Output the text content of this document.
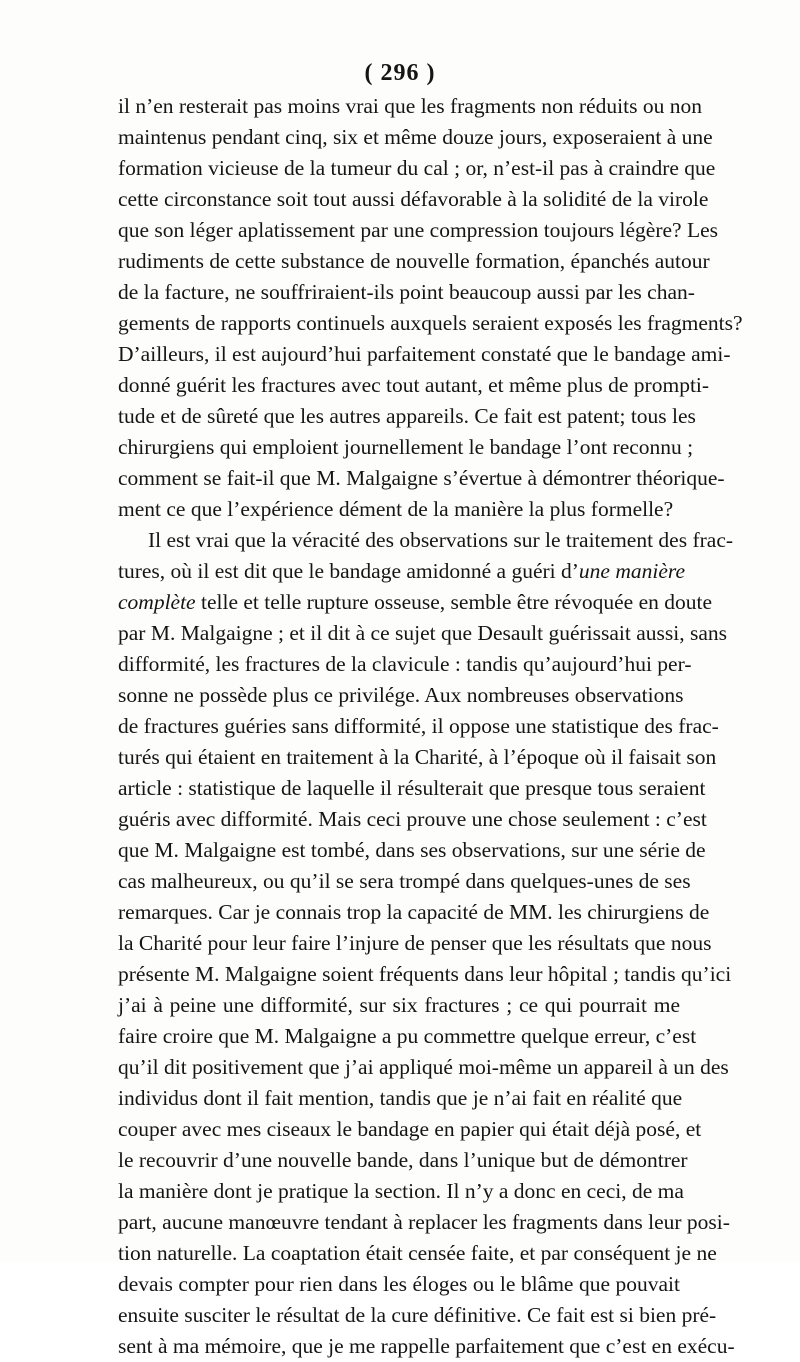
( 296 )
il n’en resterait pas moins vrai que les fragments non réduits ou non
maintenus pendant cinq, six et même douze jours, exposeraient à une
formation vicieuse de la tumeur du cal ; or, n’est-il pas à craindre que
cette circonstance soit tout aussi défavorable à la solidité de la virole
que son léger aplatissement par une compression toujours légère? Les
rudiments de cette substance de nouvelle formation, épanchés autour
de la facture, ne souffriraient-ils point beaucoup aussi par les chan-
gements de rapports continuels auxquels seraient exposés les fragments?
D’ailleurs, il est aujourd’hui parfaitement constaté que le bandage ami-
donné guérit les fractures avec tout autant, et même plus de prompti-
tude et de sûreté que les autres appareils. Ce fait est patent; tous les
chirurgiens qui emploient journellement le bandage l’ont reconnu ;
comment se fait-il que M. Malgaigne s’évertue à démontrer théorique-
ment ce que l’expérience dément de la manière la plus formelle?
Il est vrai que la véracité des observations sur le traitement des frac-
tures, où il est dit que le bandage amidonné a guéri d’une manière
complète telle et telle rupture osseuse, semble être révoquée en doute
par M. Malgaigne ; et il dit à ce sujet que Desault guérissait aussi, sans
difformité, les fractures de la clavicule : tandis qu’aujourd’hui per-
sonne ne possède plus ce privilége. Aux nombreuses observations
de fractures guéries sans difformité, il oppose une statistique des frac-
turés qui étaient en traitement à la Charité, à l’époque où il faisait son
article : statistique de laquelle il résulterait que presque tous seraient
guéris avec difformité. Mais ceci prouve une chose seulement : c’est
que M. Malgaigne est tombé, dans ses observations, sur une série de
cas malheureux, ou qu’il se sera trompé dans quelques-unes de ses
remarques. Car je connais trop la capacité de MM. les chirurgiens de
la Charité pour leur faire l’injure de penser que les résultats que nous
présente M. Malgaigne soient fréquents dans leur hôpital ; tandis qu’ici
j’ai à peine une difformité, sur six fractures ; ce qui pourrait me
faire croire que M. Malgaigne a pu commettre quelque erreur, c’est
qu’il dit positivement que j’ai appliqué moi-même un appareil à un des
individus dont il fait mention, tandis que je n’ai fait en réalité que
couper avec mes ciseaux le bandage en papier qui était déjà posé, et
le recouvrir d’une nouvelle bande, dans l’unique but de démontrer
la manière dont je pratique la section. Il n’y a donc en ceci, de ma
part, aucune manœuvre tendant à replacer les fragments dans leur posi-
tion naturelle. La coaptation était censée faite, et par conséquent je ne
devais compter pour rien dans les éloges ou le blâme que pouvait
ensuite susciter le résultat de la cure définitive. Ce fait est si bien pré-
sent à ma mémoire, que je me rappelle parfaitement que c’est en exécu-
